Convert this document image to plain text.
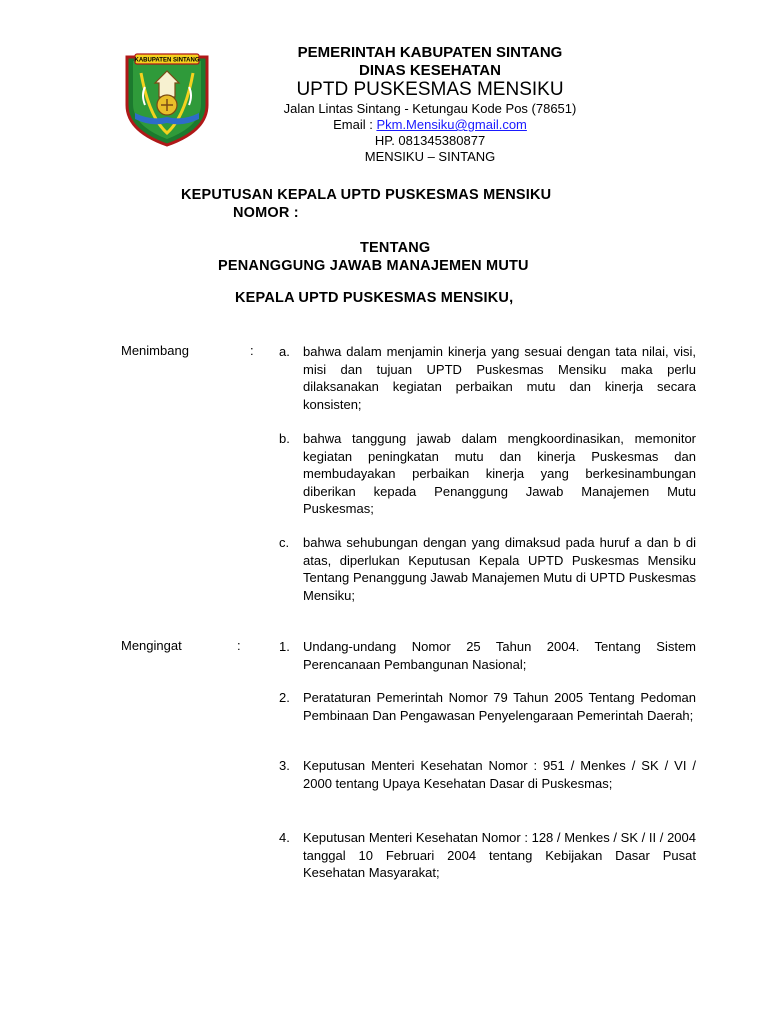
KABUPATEN SINTANG	PEMERINTAH KABUPATEN SINTANG
DINAS KESEHATAN
UPTD PUSKESMAS MENSIKU
Jalan Lintas Sintang - Ketungau Kode Pos (78651)
Email : Pkm.Mensiku@gmail.com
HP. 081345380877
MENSIKU – SINTANG
KEPUTUSAN KEPALA UPTD PUSKESMAS MENSIKU
NOMOR :
TENTANG
PENANGGUNG JAWAB MANAJEMEN MUTU
KEPALA UPTD PUSKESMAS MENSIKU,
Menimbang	: a. bahwa dalam menjamin kinerja yang sesuai dengan tata nilai, visi, misi dan tujuan UPTD Puskesmas Mensiku maka perlu dilaksanakan kegiatan perbaikan mutu dan kinerja secara konsisten;
b. bahwa tanggung jawab dalam mengkoordinasikan, memonitor kegiatan peningkatan mutu dan kinerja Puskesmas dan membudayakan perbaikan kinerja yang berkesinambungan diberikan kepada Penanggung Jawab Manajemen Mutu Puskesmas;
c. bahwa sehubungan dengan yang dimaksud pada huruf a dan b di atas, diperlukan Keputusan Kepala UPTD Puskesmas Mensiku Tentang Penanggung Jawab Manajemen Mutu di UPTD Puskesmas Mensiku;
Mengingat	:	1. Undang-undang Nomor 25 Tahun 2004. Tentang Sistem Perencanaan Pembangunan Nasional;
2. Perataturan Pemerintah Nomor 79 Tahun 2005 Tentang Pedoman Pembinaan Dan Pengawasan Penyelengaraan Pemerintah Daerah;
3. Keputusan Menteri Kesehatan Nomor : 951 / Menkes / SK / VI / 2000 tentang Upaya Kesehatan Dasar di Puskesmas;
4. Keputusan Menteri Kesehatan Nomor : 128 / Menkes / SK / II / 2004 tanggal 10 Februari 2004 tentang Kebijakan Dasar Pusat Kesehatan Masyarakat;
